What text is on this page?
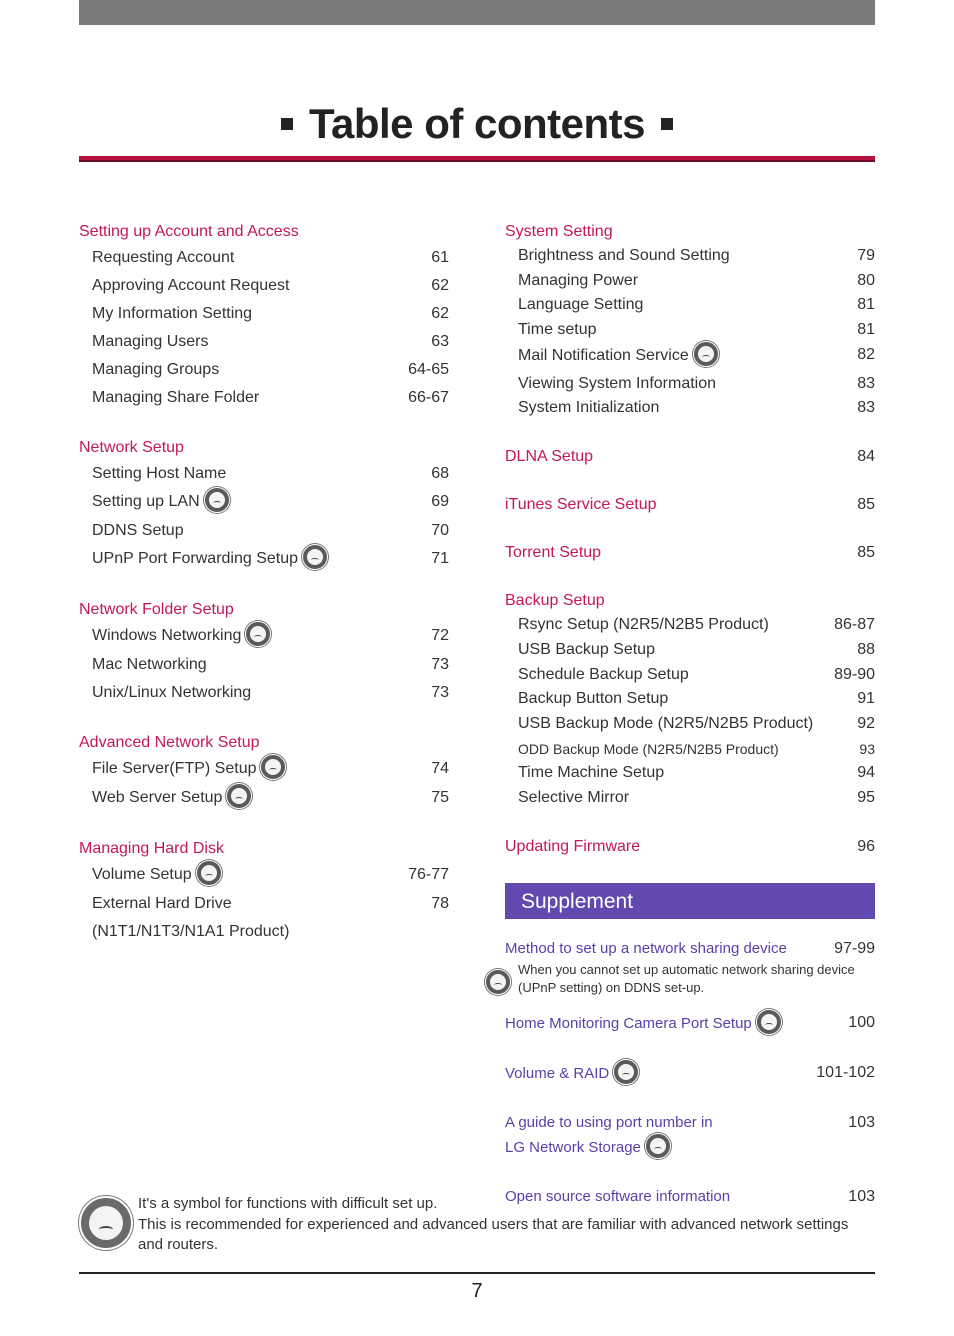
Table of contents
Setting up Account and Access
Requesting Account	61
Approving Account Request	62
My Information Setting	62
Managing Users	63
Managing Groups	64-65
Managing Share Folder	66-67
Network Setup
Setting Host Name	68
Setting up LAN	69
DDNS Setup	70
UPnP Port Forwarding Setup	71
Network Folder Setup
Windows Networking	72
Mac Networking	73
Unix/Linux Networking	73
Advanced Network Setup
File Server(FTP) Setup	74
Web Server Setup	75
Managing Hard Disk
Volume Setup	76-77
External Hard Drive	78
(N1T1/N1T3/N1A1 Product)
System Setting
Brightness and Sound Setting	79
Managing Power	80
Language Setting	81
Time setup	81
Mail Notification Service	82
Viewing System Information	83
System Initialization	83
DLNA Setup	84
iTunes Service Setup	85
Torrent Setup	85
Backup Setup
Rsync Setup (N2R5/N2B5 Product)	86-87
USB Backup Setup	88
Schedule Backup Setup	89-90
Backup Button Setup	91
USB Backup Mode (N2R5/N2B5 Product)	92
ODD Backup Mode (N2R5/N2B5 Product)	93
Time Machine Setup	94
Selective Mirror	95
Updating Firmware	96
Supplement
Method to set up a network sharing device	97-99
When you cannot set up automatic network sharing device (UPnP setting) on DDNS set-up.
Home Monitoring Camera Port Setup	100
Volume & RAID	101-102
A guide to using port number in	103
LG Network Storage
Open source software information	103
It's a symbol for functions with difficult set up.
This is recommended for experienced and advanced users that are familiar with advanced network settings and routers.
7
